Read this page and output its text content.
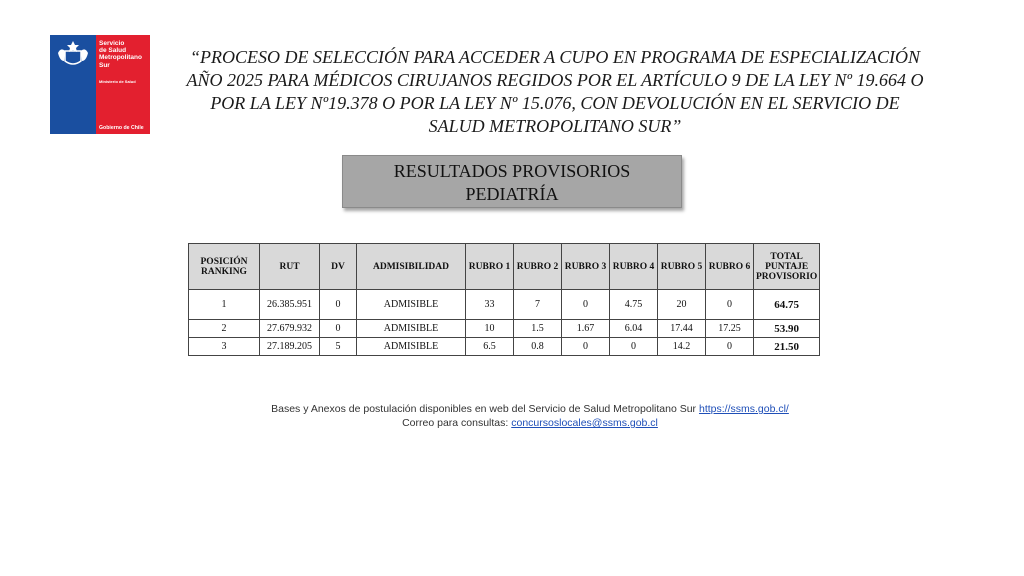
Servicio
de Salud
Metropolitano
Sur
Ministerio de Salud
Gobierno de Chile
“PROCESO DE SELECCIÓN PARA ACCEDER A CUPO EN PROGRAMA DE ESPECIALIZACIÓN AÑO 2025 PARA MÉDICOS CIRUJANOS REGIDOS POR EL ARTÍCULO 9 DE LA LEY Nº 19.664 O POR LA LEY Nº19.378 O POR LA LEY Nº 15.076, CON DEVOLUCIÓN EN EL SERVICIO DE SALUD METROPOLITANO SUR”
RESULTADOS PROVISORIOS
PEDIATRÍA
POSICIÓN RANKING	RUT	DV	ADMISIBILIDAD	RUBRO 1	RUBRO 2	RUBRO 3	RUBRO 4	RUBRO 5	RUBRO 6	TOTAL PUNTAJE PROVISORIO
1	26.385.951	0	ADMISIBLE	33	7	0	4.75	20	0	64.75
2	27.679.932	0	ADMISIBLE	10	1.5	1.67	6.04	17.44	17.25	53.90
3	27.189.205	5	ADMISIBLE	6.5	0.8	0	0	14.2	0	21.50
Bases y Anexos de postulación disponibles en web del Servicio de Salud Metropolitano Sur https://ssms.gob.cl/
Correo para consultas: concursoslocales@ssms.gob.cl
